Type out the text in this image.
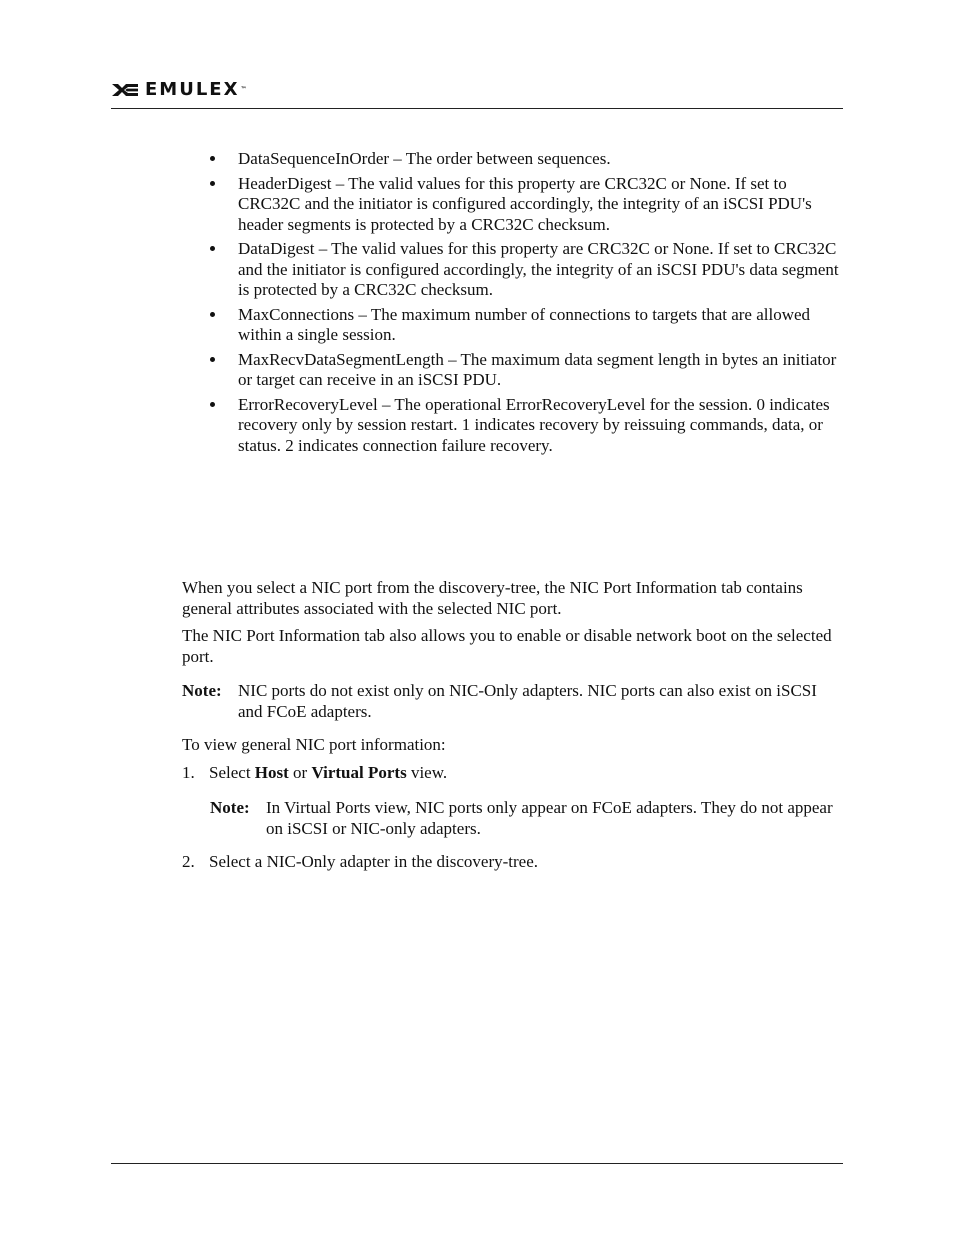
EMULEX™
DataSequenceInOrder – The order between sequences.
HeaderDigest – The valid values for this property are CRC32C or None. If set to CRC32C and the initiator is configured accordingly, the integrity of an iSCSI PDU's header segments is protected by a CRC32C checksum.
DataDigest – The valid values for this property are CRC32C or None. If set to CRC32C and the initiator is configured accordingly, the integrity of an iSCSI PDU's data segment is protected by a CRC32C checksum.
MaxConnections – The maximum number of connections to targets that are allowed within a single session.
MaxRecvDataSegmentLength – The maximum data segment length in bytes an initiator or target can receive in an iSCSI PDU.
ErrorRecoveryLevel – The operational ErrorRecoveryLevel for the session. 0 indicates recovery only by session restart. 1 indicates recovery by reissuing commands, data, or status. 2 indicates connection failure recovery.

When you select a NIC port from the discovery-tree, the NIC Port Information tab contains general attributes associated with the selected NIC port.

The NIC Port Information tab also allows you to enable or disable network boot on the selected port.

Note: NIC ports do not exist only on NIC-Only adapters. NIC ports can also exist on iSCSI and FCoE adapters.

To view general NIC port information:

1. Select Host or Virtual Ports view.
Note: In Virtual Ports view, NIC ports only appear on FCoE adapters. They do not appear on iSCSI or NIC-only adapters.
2. Select a NIC-Only adapter in the discovery-tree.
